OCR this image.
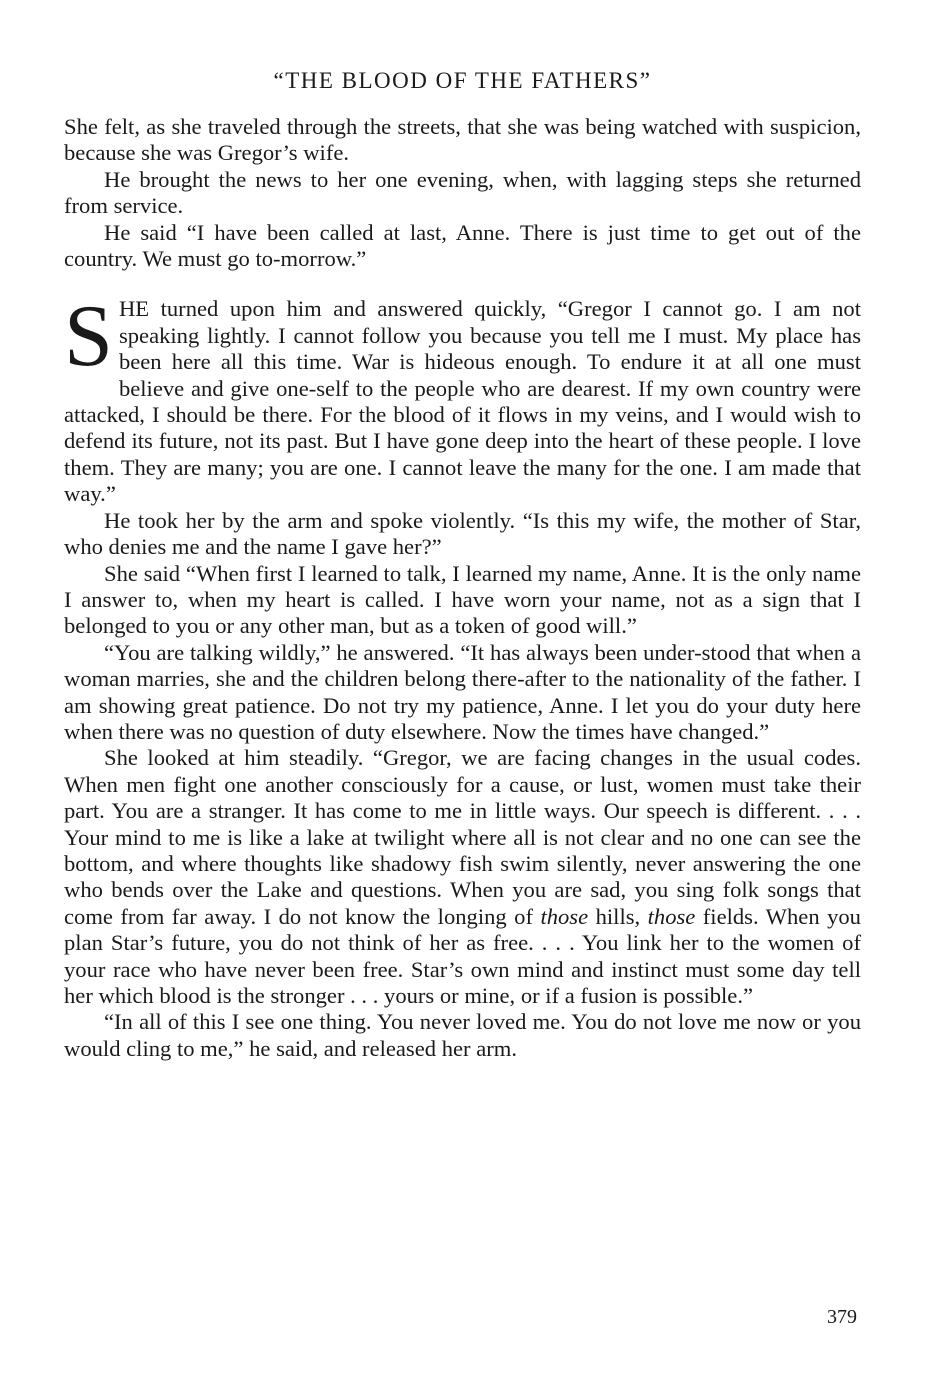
“THE BLOOD OF THE FATHERS”

She felt, as she traveled through the streets, that she was being watched with suspicion, because she was Gregor’s wife.

He brought the news to her one evening, when, with lagging steps she returned from service.

He said “I have been called at last, Anne. There is just time to get out of the country. We must go to-morrow.”

SHE turned upon him and answered quickly, “Gregor I cannot go. I am not speaking lightly. I cannot follow you because you tell me I must. My place has been here all this time. War is hideous enough. To endure it at all one must believe and give one-self to the people who are dearest. If my own country were attacked, I should be there. For the blood of it flows in my veins, and I would wish to defend its future, not its past. But I have gone deep into the heart of these people. I love them. They are many; you are one. I cannot leave the many for the one. I am made that way.”

He took her by the arm and spoke violently. “Is this my wife, the mother of Star, who denies me and the name I gave her?”

She said “When first I learned to talk, I learned my name, Anne. It is the only name I answer to, when my heart is called. I have worn your name, not as a sign that I belonged to you or any other man, but as a token of good will.”

“You are talking wildly,” he answered. “It has always been under-stood that when a woman marries, she and the children belong there-after to the nationality of the father. I am showing great patience. Do not try my patience, Anne. I let you do your duty here when there was no question of duty elsewhere. Now the times have changed.”

She looked at him steadily. “Gregor, we are facing changes in the usual codes. When men fight one another consciously for a cause, or lust, women must take their part. You are a stranger. It has come to me in little ways. Our speech is different. . . . Your mind to me is like a lake at twilight where all is not clear and no one can see the bottom, and where thoughts like shadowy fish swim silently, never answering the one who bends over the Lake and questions. When you are sad, you sing folk songs that come from far away. I do not know the longing of those hills, those fields. When you plan Star’s future, you do not think of her as free. . . . You link her to the women of your race who have never been free. Star’s own mind and instinct must some day tell her which blood is the stronger . . . yours or mine, or if a fusion is possible.”

“In all of this I see one thing. You never loved me. You do not love me now or you would cling to me,” he said, and released her arm.

379
